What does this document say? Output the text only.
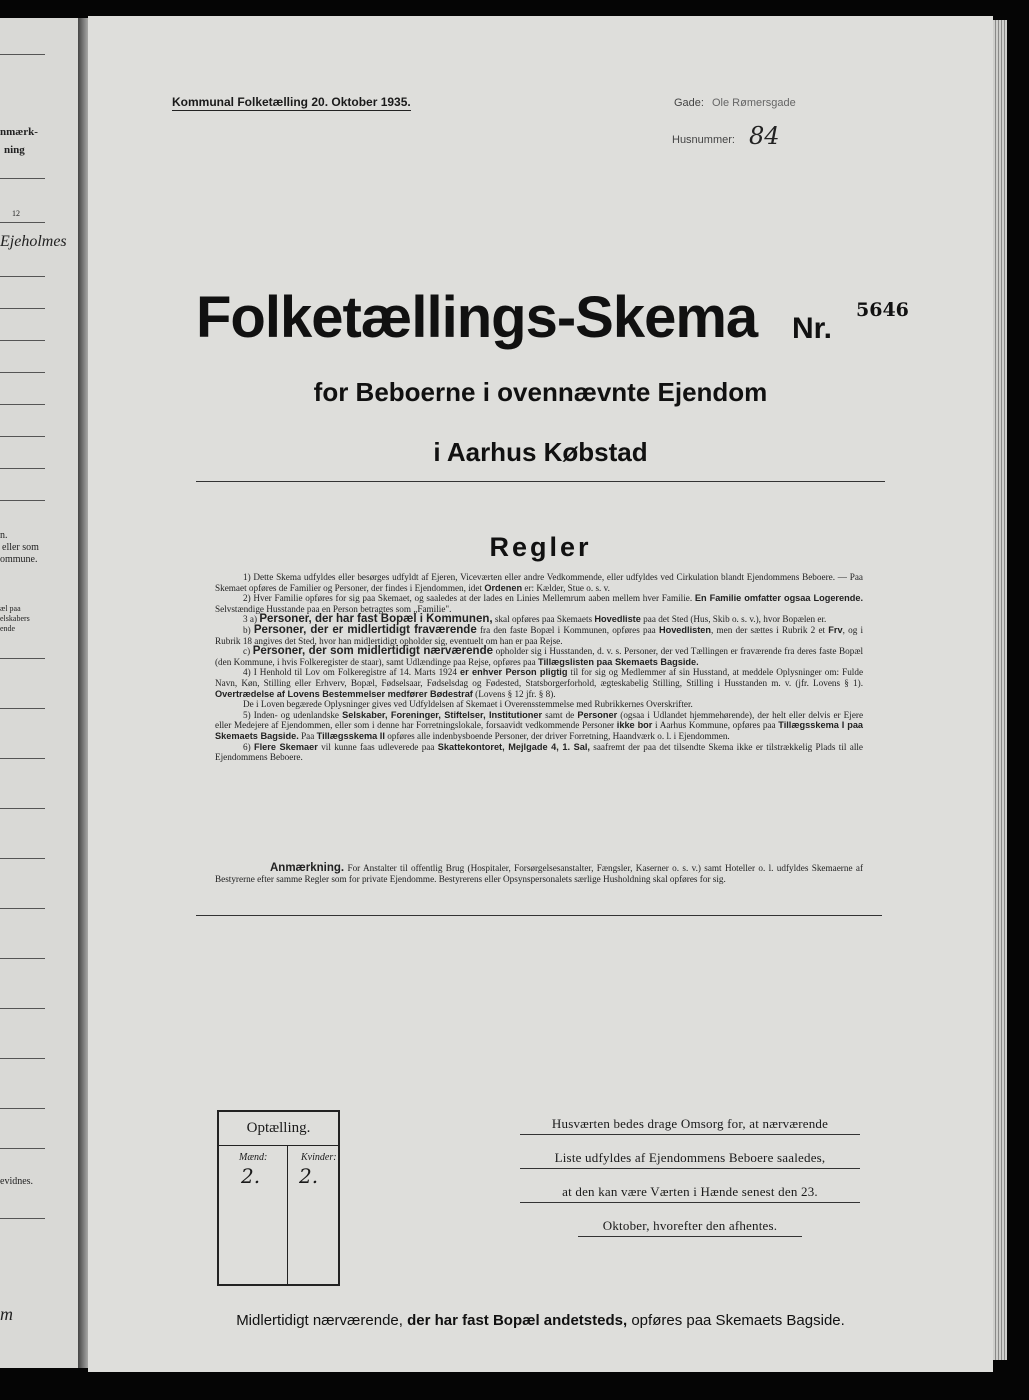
nmærk-
ning
12
Ejeholmes
n.
eller som
ommune.
æl paa
elskabers
ende
evidnes.
m
Kommunal Folketælling 20. Oktober 1935.	Gade: Ole Rømersgade
Husnummer: 84
Folketællings-Skema Nr.
5646
for Beboerne i ovennævnte Ejendom
i Aarhus Købstad
Regler

1) Dette Skema udfyldes eller besørges udfyldt af Ejeren, Viceværten eller andre Vedkommende, eller udfyldes ved Cirkulation blandt Ejendommens Beboere. — Paa Skemaet opføres de Familier og Personer, der findes i Ejendommen, idet Ordenen er: Kælder, Stue o. s. v.

2) Hver Familie opføres for sig paa Skemaet, og saaledes at der lades en Linies Mellemrum aaben mellem hver Familie. En Familie omfatter ogsaa Logerende. Selvstændige Husstande paa en Person betragtes som „Familie".

3 a) Personer, der har fast Bopæl i Kommunen, skal opføres paa Skemaets Hovedliste paa det Sted (Hus, Skib o. s. v.), hvor Bopælen er.

b) Personer, der er midlertidigt fraværende fra den faste Bopæl i Kommunen, opføres paa Hovedlisten, men der sættes i Rubrik 2 et Frv, og i Rubrik 18 angives det Sted, hvor han midlertidigt opholder sig, eventuelt om han er paa Rejse.

c) Personer, der som midlertidigt nærværende opholder sig i Husstanden, d. v. s. Personer, der ved Tællingen er fraværende fra deres faste Bopæl (den Kommune, i hvis Folkeregister de staar), samt Udlændinge paa Rejse, opføres paa Tillægslisten paa Skemaets Bagside.

4) I Henhold til Lov om Folkeregistre af 14. Marts 1924 er enhver Person pligtig til for sig og Medlemmer af sin Husstand, at meddele Oplysninger om: Fulde Navn, Køn, Stilling eller Erhverv, Bopæl, Fødselsaar, Fødselsdag og Fødested, Statsborgerforhold, ægteskabelig Stilling, Stilling i Husstanden m. v. (jfr. Lovens § 1). Overtrædelse af Lovens Bestemmelser medfører Bødestraf (Lovens § 12 jfr. § 8).

De i Loven begærede Oplysninger gives ved Udfyldelsen af Skemaet i Overensstemmelse med Rubrikkernes Overskrifter.

5) Inden- og udenlandske Selskaber, Foreninger, Stiftelser, Institutioner samt de Personer (ogsaa i Udlandet hjemmehørende), der helt eller delvis er Ejere eller Medejere af Ejendommen, eller som i denne har Forretningslokale, forsaavidt vedkommende Personer ikke bor i Aarhus Kommune, opføres paa Tillægsskema I paa Skemaets Bagside. Paa Tillægsskema II opføres alle indenbysboende Personer, der driver Forretning, Haandværk o. l. i Ejendommen.

6) Flere Skemaer vil kunne faas udleverede paa Skattekontoret, Mejlgade 4, 1. Sal, saafremt der paa det tilsendte Skema ikke er tilstrækkelig Plads til alle Ejendommens Beboere.

Anmærkning. For Anstalter til offentlig Brug (Hospitaler, Forsørgelsesanstalter, Fængsler, Kaserner o. s. v.) samt Hoteller o. l. udfyldes Skemaerne af Bestyrerne efter samme Regler som for private Ejendomme. Bestyrerens eller Opsynspersonalets særlige Husholdning skal opføres for sig.

Optælling.
Mænd:	Kvinder:
2. 2.
Husværten bedes drage Omsorg for, at nærværende
Liste udfyldes af Ejendommens Beboere saaledes,
at den kan være Værten i Hænde senest den 23.
Oktober, hvorefter den afhentes.
Midlertidigt nærværende, der har fast Bopæl andetsteds, opføres paa Skemaets Bagside.
